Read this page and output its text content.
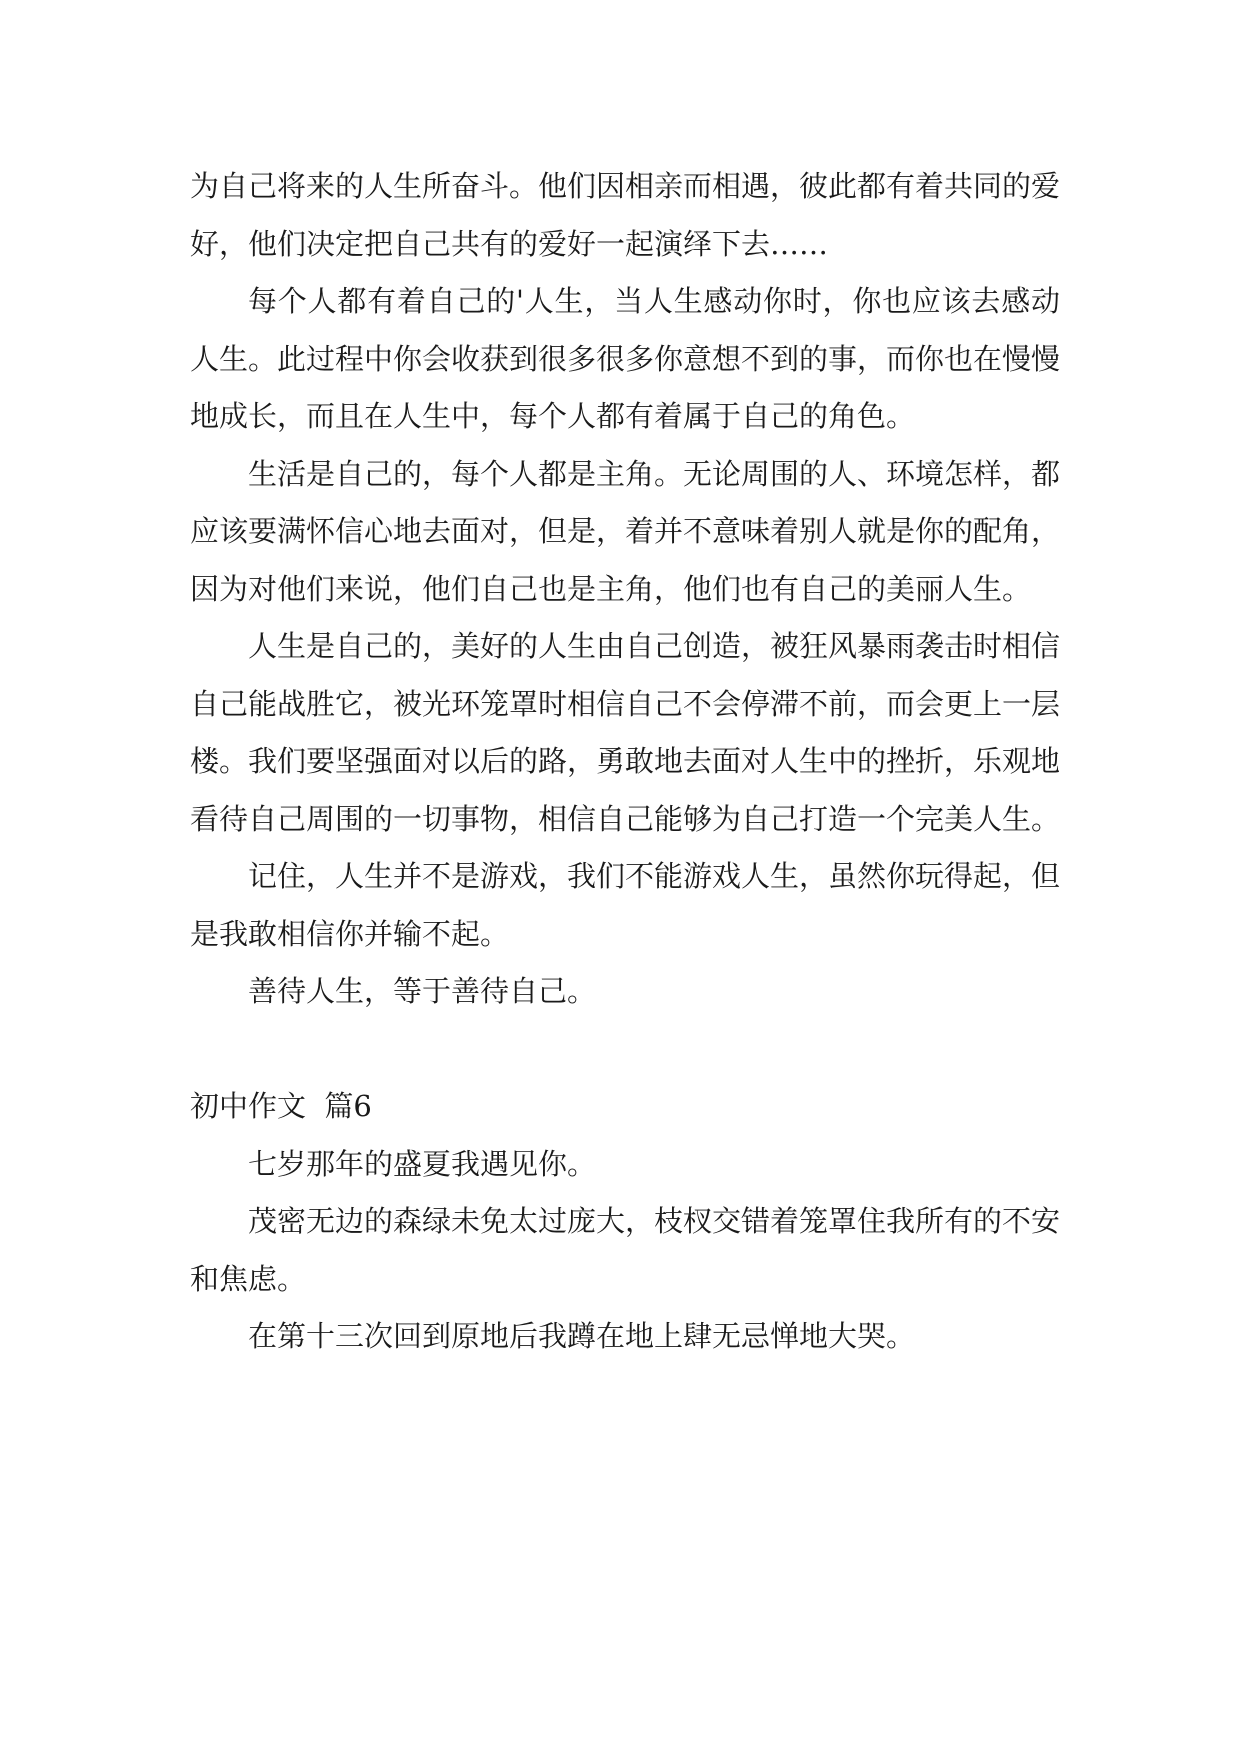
为自己将来的人生所奋斗。他们因相亲而相遇，彼此都有着共同的爱好，他们决定把自己共有的爱好一起演绎下去……

每个人都有着自己的'人生，当人生感动你时，你也应该去感动人生。此过程中你会收获到很多很多你意想不到的事，而你也在慢慢地成长，而且在人生中，每个人都有着属于自己的角色。

生活是自己的，每个人都是主角。无论周围的人、环境怎样，都应该要满怀信心地去面对，但是，着并不意味着别人就是你的配角，因为对他们来说，他们自己也是主角，他们也有自己的美丽人生。

人生是自己的，美好的人生由自己创造，被狂风暴雨袭击时相信自己能战胜它，被光环笼罩时相信自己不会停滞不前，而会更上一层楼。我们要坚强面对以后的路，勇敢地去面对人生中的挫折，乐观地看待自己周围的一切事物，相信自己能够为自己打造一个完美人生。

记住，人生并不是游戏，我们不能游戏人生，虽然你玩得起，但是我敢相信你并输不起。

善待人生，等于善待自己。

初中作文  篇6

七岁那年的盛夏我遇见你。

茂密无边的森绿未免太过庞大，枝杈交错着笼罩住我所有的不安和焦虑。

在第十三次回到原地后我蹲在地上肆无忌惮地大哭。
